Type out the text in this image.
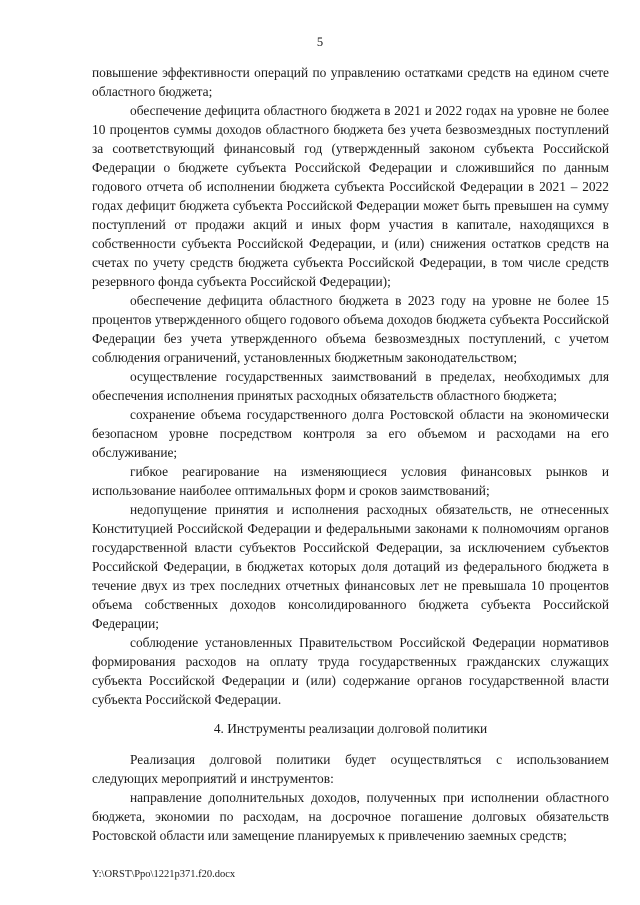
5

повышение эффективности операций по управлению остатками средств на едином счете областного бюджета;

обеспечение дефицита областного бюджета в 2021 и 2022 годах на уровне не более 10 процентов суммы доходов областного бюджета без учета безвозмездных поступлений за соответствующий финансовый год (утвержденный законом субъекта Российской Федерации о бюджете субъекта Российской Федерации и сложившийся по данным годового отчета об исполнении бюджета субъекта Российской Федерации в 2021 – 2022 годах дефицит бюджета субъекта Российской Федерации может быть превышен на сумму поступлений от продажи акций и иных форм участия в капитале, находящихся в собственности субъекта Российской Федерации, и (или) снижения остатков средств на счетах по учету средств бюджета субъекта Российской Федерации, в том числе средств резервного фонда субъекта Российской Федерации);

обеспечение дефицита областного бюджета в 2023 году на уровне не более 15 процентов утвержденного общего годового объема доходов бюджета субъекта Российской Федерации без учета утвержденного объема безвозмездных поступлений, с учетом соблюдения ограничений, установленных бюджетным законодательством;

осуществление государственных заимствований в пределах, необходимых для обеспечения исполнения принятых расходных обязательств областного бюджета;

сохранение объема государственного долга Ростовской области на экономически безопасном уровне посредством контроля за его объемом и расходами на его обслуживание;

гибкое реагирование на изменяющиеся условия финансовых рынков и использование наиболее оптимальных форм и сроков заимствований;

недопущение принятия и исполнения расходных обязательств, не отнесенных Конституцией Российской Федерации и федеральными законами к полномочиям органов государственной власти субъектов Российской Федерации, за исключением субъектов Российской Федерации, в бюджетах которых доля дотаций из федерального бюджета в течение двух из трех последних отчетных финансовых лет не превышала 10 процентов объема собственных доходов консолидированного бюджета субъекта Российской Федерации;

соблюдение установленных Правительством Российской Федерации нормативов формирования расходов на оплату труда государственных гражданских служащих субъекта Российской Федерации и (или) содержание органов государственной власти субъекта Российской Федерации.

4. Инструменты реализации долговой политики

Реализация долговой политики будет осуществляться с использованием следующих мероприятий и инструментов:

направление дополнительных доходов, полученных при исполнении областного бюджета, экономии по расходам, на досрочное погашение долговых обязательств Ростовской области или замещение планируемых к привлечению заемных средств;

Y:\ORST\Ppo\1221p371.f20.docx
